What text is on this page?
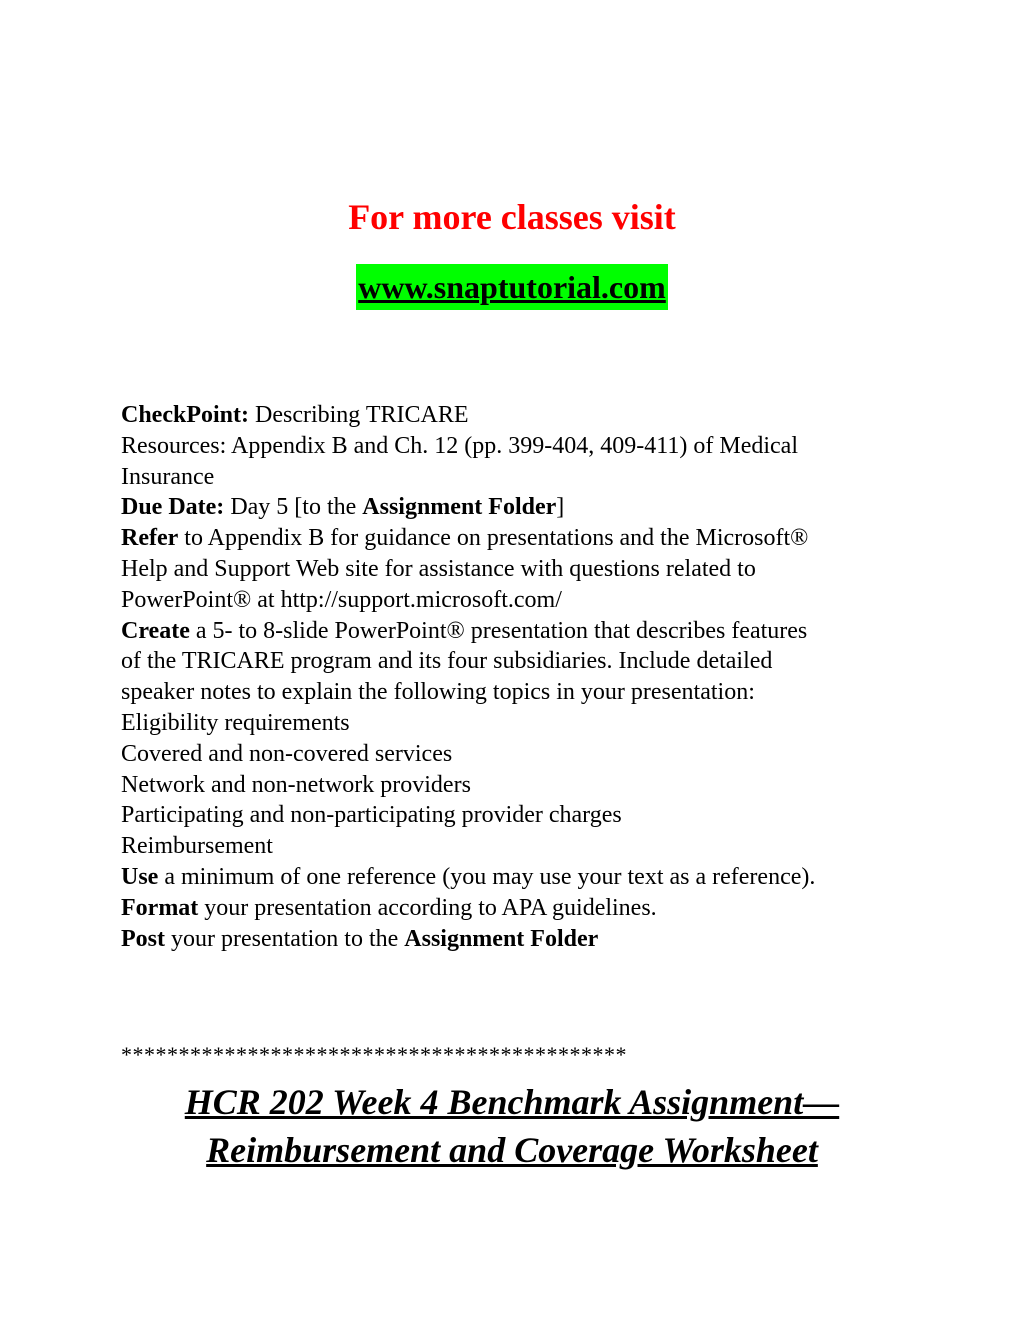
For more classes visit
www.snaptutorial.com

CheckPoint: Describing TRICARE

Resources: Appendix B and Ch. 12 (pp. 399-404, 409-411) of Medical

Insurance

Due Date: Day 5 [to the Assignment Folder]

Refer to Appendix B for guidance on presentations and the Microsoft®

Help and Support Web site for assistance with questions related to

PowerPoint® at http://support.microsoft.com/

Create a 5- to 8-slide PowerPoint® presentation that describes features

of the TRICARE program and its four subsidiaries. Include detailed

speaker notes to explain the following topics in your presentation:

Eligibility requirements

Covered and non-covered services

Network and non-network providers

Participating and non-participating provider charges

Reimbursement

Use a minimum of one reference (you may use your text as a reference).

Format your presentation according to APA guidelines.

Post your presentation to the Assignment Folder

********************************************
HCR 202 Week 4 Benchmark Assignment—
Reimbursement and Coverage Worksheet
